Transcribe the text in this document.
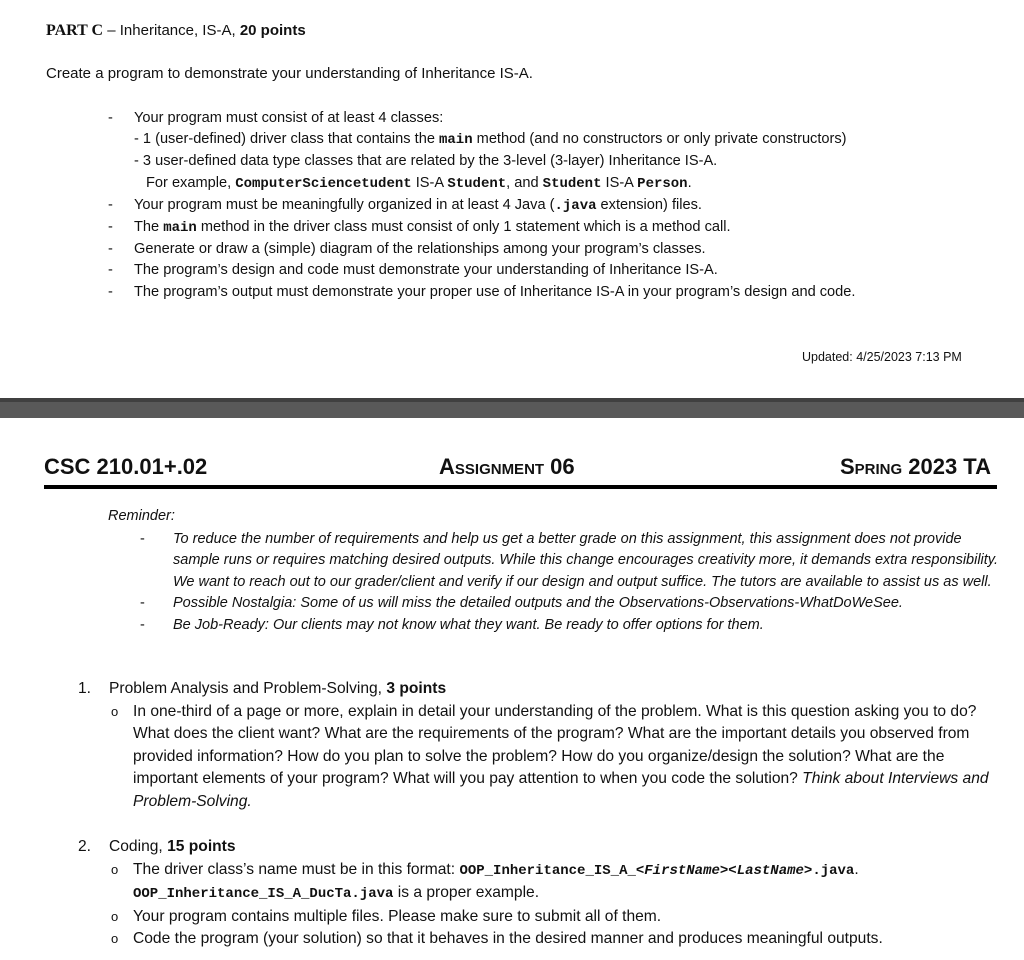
PART C – Inheritance, IS-A, 20 points
Create a program to demonstrate your understanding of Inheritance IS-A.
- Your program must consist of at least 4 classes:
- 1 (user-defined) driver class that contains the main method (and no constructors or only private constructors)
- 3 user-defined data type classes that are related by the 3-level (3-layer) Inheritance IS-A.
For example, ComputerSciencetudent IS-A Student, and Student IS-A Person.
- Your program must be meaningfully organized in at least 4 Java (.java extension) files.
- The main method in the driver class must consist of only 1 statement which is a method call.
- Generate or draw a (simple) diagram of the relationships among your program’s classes.
- The program’s design and code must demonstrate your understanding of Inheritance IS-A.
- The program’s output must demonstrate your proper use of Inheritance IS-A in your program’s design and code.
Updated: 4/25/2023 7:13 PM
CSC 210.01+.02	Assignment 06	Spring 2023 TA
Reminder:
- To reduce the number of requirements and help us get a better grade on this assignment, this assignment does not provide sample runs or requires matching desired outputs. While this change encourages creativity more, it demands extra responsibility. We want to reach out to our grader/client and verify if our design and output suffice. The tutors are available to assist us as well.
- Possible Nostalgia: Some of us will miss the detailed outputs and the Observations-Observations-WhatDoWeSee.
- Be Job-Ready: Our clients may not know what they want. Be ready to offer options for them.
1.	Problem Analysis and Problem-Solving, 3 points
o In one-third of a page or more, explain in detail your understanding of the problem. What is this question asking you to do? What does the client want? What are the requirements of the program? What are the important details you observed from provided information? How do you plan to solve the problem? How do you organize/design the solution? What are the important elements of your program? What will you pay attention to when you code the solution? Think about Interviews and Problem-Solving.
2.	Coding, 15 points
o The driver class’s name must be in this format: OOP_Inheritance_IS_A_<FirstName><LastName>.java.
OOP_Inheritance_IS_A_DucTa.java is a proper example.
o Your program contains multiple files. Please make sure to submit all of them.
o Code the program (your solution) so that it behaves in the desired manner and produces meaningful outputs.
